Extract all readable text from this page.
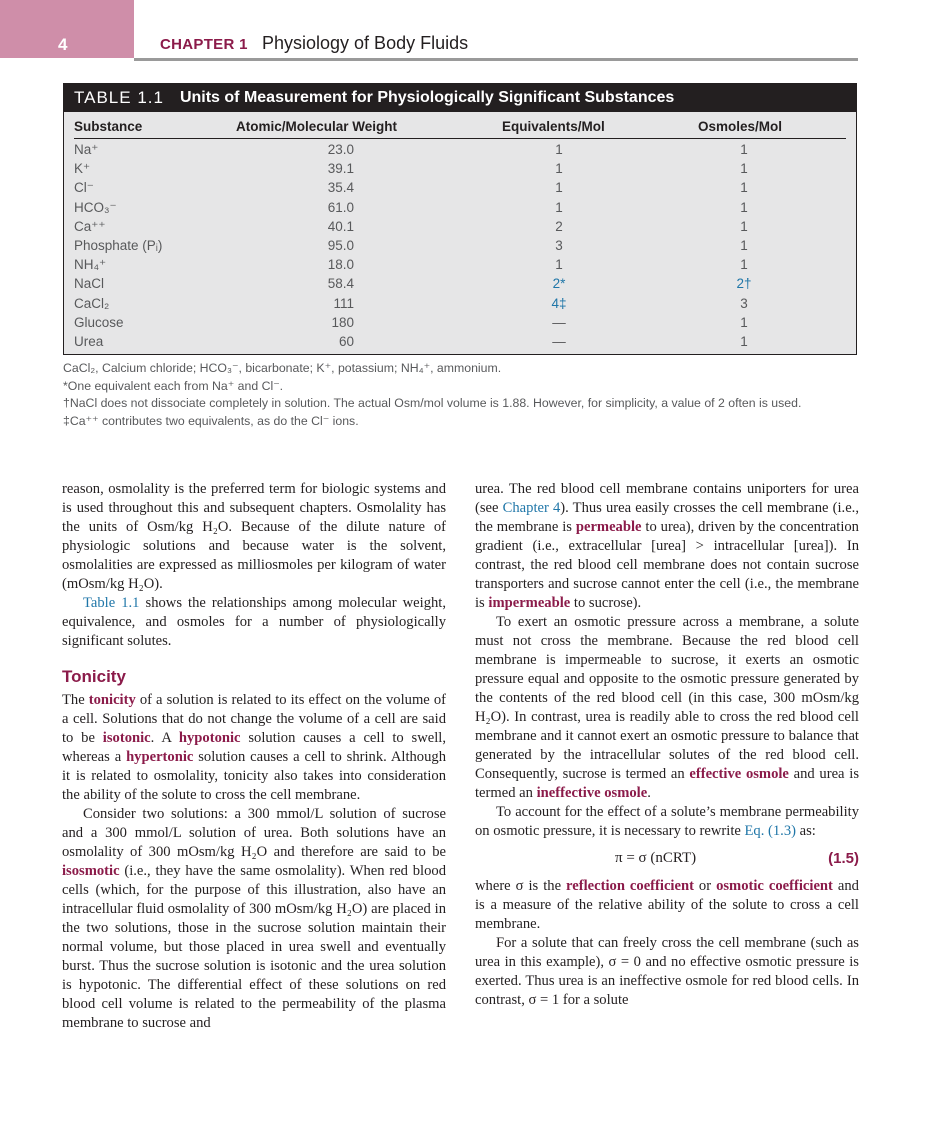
4	CHAPTER 1 Physiology of Body Fluids
TABLE 1.1 Units of Measurement for Physiologically Significant Substances
Substance	Atomic/Molecular Weight	Equivalents/Mol	Osmoles/Mol
Na⁺	23.0	1	1
K⁺	39.1	1	1
Cl⁻	35.4	1	1
HCO₃⁻	61.0	1	1
Ca⁺⁺	40.1	2	1
Phosphate (Pᵢ)	95.0	3	1
NH₄⁺	18.0	1	1
NaCl	58.4	2*	2†
CaCl₂	111	4‡	3
Glucose	180	—	1
Urea	60	—	1

CaCl₂, Calcium chloride; HCO₃⁻, bicarbonate; K⁺, potassium; NH₄⁺, ammonium.

*One equivalent each from Na⁺ and Cl⁻.

†NaCl does not dissociate completely in solution. The actual Osm/mol volume is 1.88. However, for simplicity, a value of 2 often is used.

‡Ca⁺⁺ contributes two equivalents, as do the Cl⁻ ions.

reason, osmolality is the preferred term for biologic systems and is used throughout this and subsequent chapters. Osmolality has the units of Osm/kg H₂O. Because of the dilute nature of physiologic solutions and because water is the solvent, osmolalities are expressed as milliosmoles per kilogram of water (mOsm/kg H₂O).

Table 1.1 shows the relationships among molecular weight, equivalence, and osmoles for a number of physiologically significant solutes.

Tonicity

The tonicity of a solution is related to its effect on the volume of a cell. Solutions that do not change the volume of a cell are said to be isotonic. A hypotonic solution causes a cell to swell, whereas a hypertonic solution causes a cell to shrink. Although it is related to osmolality, tonicity also takes into consideration the ability of the solute to cross the cell membrane.

Consider two solutions: a 300 mmol/L solution of sucrose and a 300 mmol/L solution of urea. Both solutions have an osmolality of 300 mOsm/kg H₂O and therefore are said to be isosmotic (i.e., they have the same osmolality). When red blood cells (which, for the purpose of this illustration, also have an intracellular fluid osmolality of 300 mOsm/kg H₂O) are placed in the two solutions, those in the sucrose solution maintain their normal volume, but those placed in urea swell and eventually burst. Thus the sucrose solution is isotonic and the urea solution is hypotonic. The differential effect of these solutions on red blood cell volume is related to the permeability of the plasma membrane to sucrose and

urea. The red blood cell membrane contains uniporters for urea (see Chapter 4). Thus urea easily crosses the cell membrane (i.e., the membrane is permeable to urea), driven by the concentration gradient (i.e., extracellular [urea] > intracellular [urea]). In contrast, the red blood cell membrane does not contain sucrose transporters and sucrose cannot enter the cell (i.e., the membrane is impermeable to sucrose).

To exert an osmotic pressure across a membrane, a solute must not cross the membrane. Because the red blood cell membrane is impermeable to sucrose, it exerts an osmotic pressure equal and opposite to the osmotic pressure generated by the contents of the red blood cell (in this case, 300 mOsm/kg H₂O). In contrast, urea is readily able to cross the red blood cell membrane and it cannot exert an osmotic pressure to balance that generated by the intracellular solutes of the red blood cell. Consequently, sucrose is termed an effective osmole and urea is termed an ineffective osmole.

To account for the effect of a solute’s membrane permeability on osmotic pressure, it is necessary to rewrite Eq. (1.3) as:

π = σ (nCRT)	(1.5)

where σ is the reflection coefficient or osmotic coefficient and is a measure of the relative ability of the solute to cross a cell membrane.

For a solute that can freely cross the cell membrane (such as urea in this example), σ = 0 and no effective osmotic pressure is exerted. Thus urea is an ineffective osmole for red blood cells. In contrast, σ = 1 for a solute
